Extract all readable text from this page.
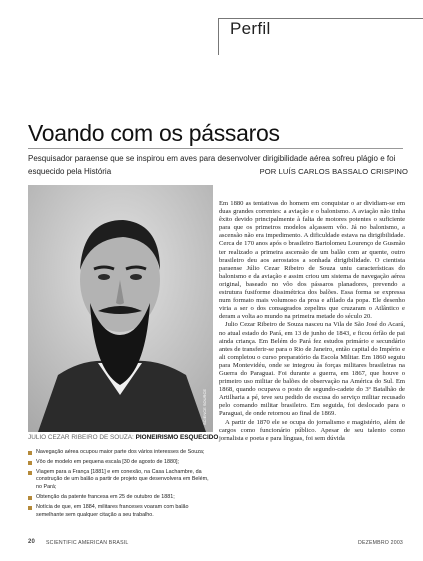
Perfil
Voando com os pássaros
Pesquisador paraense que se inspirou em aves para desenvolver dirigibilidade aérea sofreu plágio e foi esquecido pela História	POR LUÍS CARLOS BASSALO CRISPINO
SCIENCE SOURCE
JULIO CEZAR RIBEIRO DE SOUZA: PIONEIRISMO ESQUECIDO
Navegação aérea ocupou maior parte dos vários interesses de Souza;
Vôo de modelo em pequena escala [30 de agosto de 1880];
Viagem para a França [1881] e em conexão, na Casa Lachambre, da construção de um balão a partir de projeto que desenvolvera em Belém, no Pará;
Obtenção da patente francesa em 25 de outubro de 1881;
Notícia de que, em 1884, militares franceses voaram com balão semelhante sem qualquer citação a seu trabalho.

Em 1880 as tentativas do homem em conquistar o ar dividiam-se em duas grandes correntes: a aviação e o balonismo. A aviação não tinha êxito devido principalmente à falta de motores potentes o suficiente para que os primeiros modelos alçassem vôo. Já no balonismo, a ascensão não era impedimento. A dificuldade estava na dirigibilidade. Cerca de 170 anos após o brasileiro Bartolomeu Lourenço de Gusmão ter realizado a primeira ascensão de um balão com ar quente, outro brasileiro deu aos aerostatos a sonhada dirigibilidade. O cientista paraense Júlio Cezar Ribeiro de Souza uniu características do balonismo e da aviação e assim criou um sistema de navegação aérea original, baseado no vôo dos pássaros planadores, prevendo a estrutura fusiforme dissimétrica dos balões. Essa forma se expressa num formato mais volumoso da proa e afilado da popa. Ele desenho viria a ser o dos consagrados zepelins que cruzaram o Atlântico e deram a volta ao mundo na primeira metade do século 20.

Julio Cezar Ribeiro de Souza nasceu na Vila de São José do Acará, no atual estado do Pará, em 13 de junho de 1843, e ficou órfão de pai ainda criança. Em Belém do Pará fez estudos primário e secundário antes de transferir-se para o Rio de Janeiro, então capital do Império e ali completou o curso preparatório da Escola Militar. Em 1860 seguiu para Montevidéu, onde se integrou às forças militares brasileiras na Guerra do Paraguai. Foi durante a guerra, em 1867, que houve o primeiro uso militar de balões de observação na América do Sul. Em 1868, quando ocupava o posto de segundo-cadete do 3º Batalhão de Artilharia a pé, teve seu pedido de escusa do serviço militar recusado pelo comando militar brasileiro. Em seguida, foi deslocado para o Paraguai, de onde retornou ao final de 1869.

A partir de 1870 ele se ocupa do jornalismo e magistério, além de cargos como funcionário público. Apesar de seu talento como jornalista e poeta e para línguas, foi sem dúvida

20 SCIENTIFIC AMERICAN BRASIL	DEZEMBRO 2003
